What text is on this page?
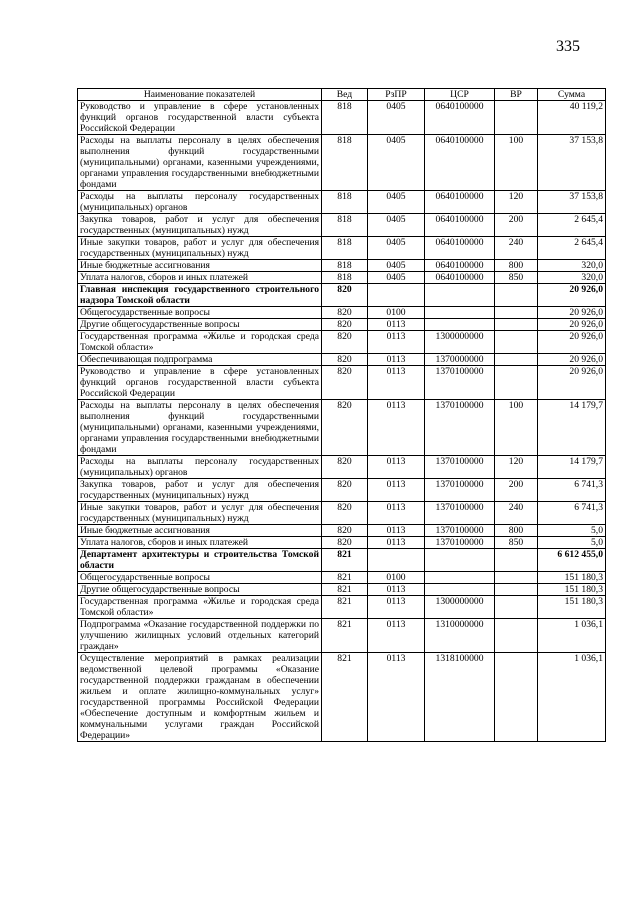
335
Наименование показателей	Вед	РзПР	ЦСР	ВР	Сумма
Руководство и управление в сфере установленных функций органов государственной власти субъекта Российской Федерации	818	0405	0640100000		40 119,2
Расходы на выплаты персоналу в целях обеспечения выполнения функций государственными (муниципальными) органами, казенными учреждениями, органами управления государственными внебюджетными фондами	818	0405	0640100000	100	37 153,8
Расходы на выплаты персоналу государственных (муниципальных) органов	818	0405	0640100000	120	37 153,8
Закупка товаров, работ и услуг для обеспечения государственных (муниципальных) нужд	818	0405	0640100000	200	2 645,4
Иные закупки товаров, работ и услуг для обеспечения государственных (муниципальных) нужд	818	0405	0640100000	240	2 645,4
Иные бюджетные ассигнования	818	0405	0640100000	800	320,0
Уплата налогов, сборов и иных платежей	818	0405	0640100000	850	320,0
Главная инспекция государственного строительного надзора Томской области	820				20 926,0
Общегосударственные вопросы	820	0100			20 926,0
Другие общегосударственные вопросы	820	0113			20 926,0
Государственная программа «Жилье и городская среда Томской области»	820	0113	1300000000		20 926,0
Обеспечивающая подпрограмма	820	0113	1370000000		20 926,0
Руководство и управление в сфере установленных функций органов государственной власти субъекта Российской Федерации	820	0113	1370100000		20 926,0
Расходы на выплаты персоналу в целях обеспечения выполнения функций государственными (муниципальными) органами, казенными учреждениями, органами управления государственными внебюджетными фондами	820	0113	1370100000	100	14 179,7
Расходы на выплаты персоналу государственных (муниципальных) органов	820	0113	1370100000	120	14 179,7
Закупка товаров, работ и услуг для обеспечения государственных (муниципальных) нужд	820	0113	1370100000	200	6 741,3
Иные закупки товаров, работ и услуг для обеспечения государственных (муниципальных) нужд	820	0113	1370100000	240	6 741,3
Иные бюджетные ассигнования	820	0113	1370100000	800	5,0
Уплата налогов, сборов и иных платежей	820	0113	1370100000	850	5,0
Департамент архитектуры и строительства Томской области	821				6 612 455,0
Общегосударственные вопросы	821	0100			151 180,3
Другие общегосударственные вопросы	821	0113			151 180,3
Государственная программа «Жилье и городская среда Томской области»	821	0113	1300000000		151 180,3
Подпрограмма «Оказание государственной поддержки по улучшению жилищных условий отдельных категорий граждан»	821	0113	1310000000		1 036,1
Осуществление мероприятий в рамках реализации ведомственной целевой программы «Оказание государственной поддержки гражданам в обеспечении жильем и оплате жилищно-коммунальных услуг» государственной программы Российской Федерации «Обеспечение доступным и комфортным жильем и коммунальными услугами граждан Российской Федерации»	821	0113	1318100000		1 036,1
